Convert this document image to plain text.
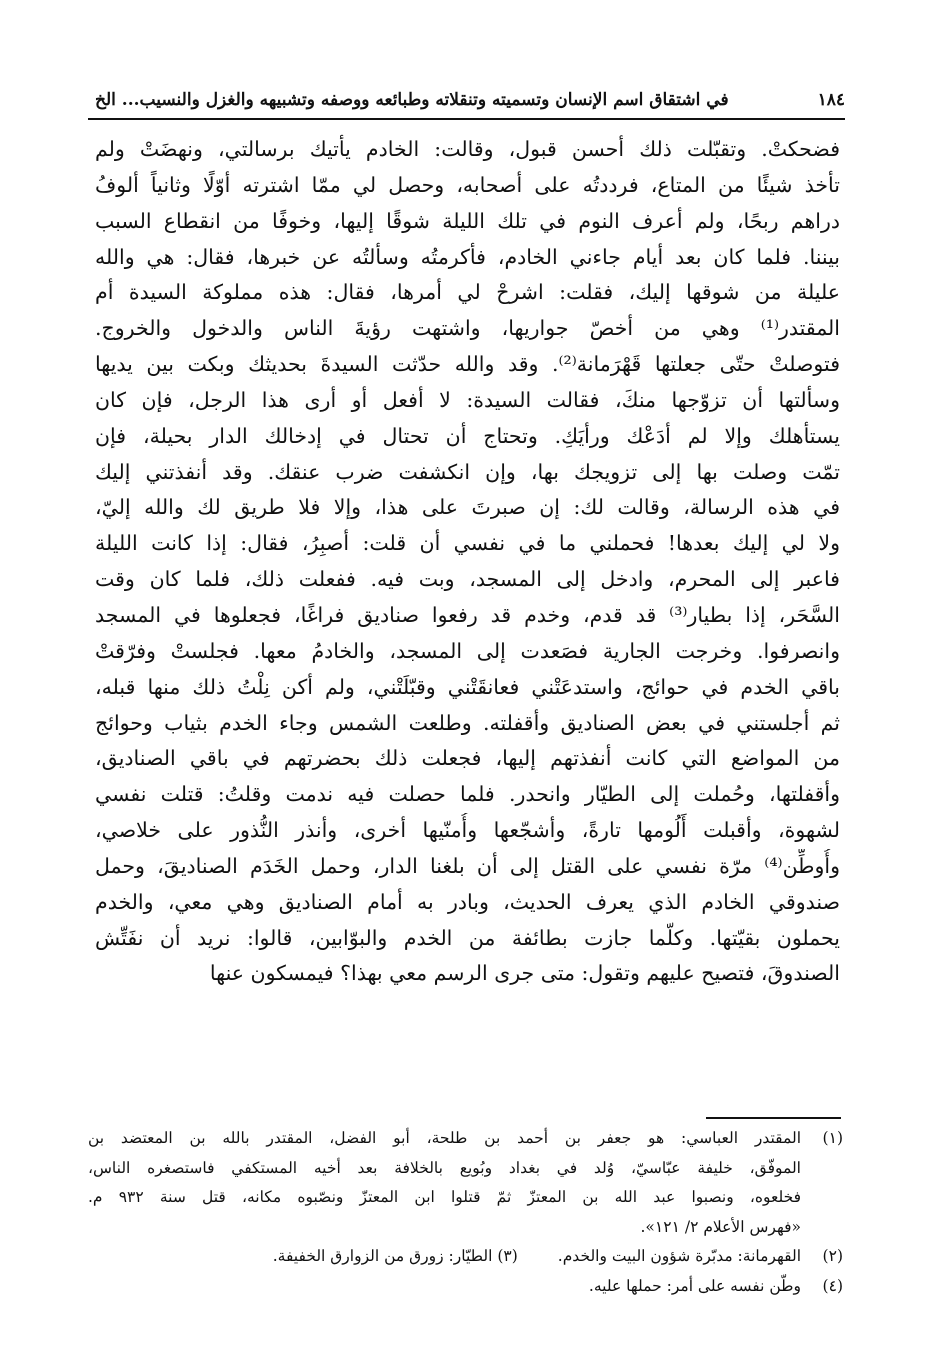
١٨٤
في اشتقاق اسم الإنسان وتسميته وتنقلاته وطبائعه ووصفه وتشبيهه والغزل والنسيب... الخ
فضحكتْ. وتقبّلت ذلك أحسن قبول، وقالت: الخادم يأتيك برسالتي، ونهضَتْ ولم
تأخذ شيئًا من المتاع، فرددتُه على أصحابه، وحصل لي ممّا اشترته أوّلًا وثانياً ألوفُ
دراهم ربحًا، ولم أعرف النوم في تلك الليلة شوقًا إليها، وخوفًا من انقطاع السبب
بيننا. فلما كان بعد أيام جاءني الخادم، فأكرمتُه وسألتُه عن خبرها، فقال: هي والله
عليلة من شوقها إليك، فقلت: اشرحْ لي أمرها، فقال: هذه مملوكة السيدة أم
المقتدر⁽¹⁾ وهي من أخصّ جواريها، واشتهت رؤيةَ الناس والدخول والخروج.
فتوصلتْ حتّى جعلتها قَهْرَمانة⁽²⁾. وقد والله حدّثت السيدةَ بحديثك وبكت بين يديها
وسألتها أن تزوّجها منكَ، فقالت السيدة: لا أفعل أو أرى هذا الرجل، فإن كان
يستأهلك وإلا لم أدَعْك ورأيَكِ. وتحتاج أن تحتال في إدخالك الدار بحيلة، فإن
تمّت وصلت بها إلى تزويجك بها، وإن انكشفت ضرب عنقك. وقد أنفذتني إليك
في هذه الرسالة، وقالت لك: إن صبرتَ على هذا، وإلا فلا طريق لك والله إليّ،
ولا لي إليك بعدها! فحملني ما في نفسي أن قلت: أصبِرُ، فقال: إذا كانت الليلة
فاعبر إلى المحرم، وادخل إلى المسجد، وبت فيه. ففعلت ذلك، فلما كان وقت
السَّحَر، إذا بطيار⁽³⁾ قد قدم، وخدم قد رفعوا صناديق فراغًا، فجعلوها في المسجد
وانصرفوا. وخرجت الجارية فصَعدت إلى المسجد، والخادمُ معها. فجلستْ وفرّقتْ
باقي الخدم في حوائج، واستدعَتْني فعانقَتْني وقبّلَتْني، ولم أكن نِلْتُ ذلك منها قبله،
ثم أجلستني في بعض الصناديق وأقفلته. وطلعت الشمس وجاء الخدم بثياب وحوائج
من المواضع التي كانت أنفذتهم إليها، فجعلت ذلك بحضرتهم في باقي الصناديق،
وأقفلتها، وحُملت إلى الطيّار وانحدر. فلما حصلت فيه ندمت وقلتُ: قتلت نفسي
لشهوة، وأقبلت أَلُومها تارةً، وأشجّعها وأُمنّيها أخرى، وأنذر النُّذور على خلاصي،
وأُوطِّن⁽⁴⁾ مرّة نفسي على القتل إلى أن بلغنا الدار، وحمل الخَدَم الصناديقَ، وحمل
صندوقي الخادم الذي يعرف الحديث، وبادر به أمام الصناديق وهي معي، والخدم
يحملون بقيّتها. وكلّما جازت بطائفة من الخدم والبوّابين، قالوا: نريد أن نفَتِّش
الصندوقَ، فتصيح عليهم وتقول: متى جرى الرسم معي بهذا؟ فيمسكون عنها
(١)
المقتدر العباسي: هو جعفر بن أحمد بن طلحة، أبو الفضل، المقتدر بالله بن المعتضد بن
الموفّق، خليفة عبّاسيّ، وُلد في بغداد وبُويع بالخلافة بعد أخيه المستكفي فاستصغره الناس،
فخلعوه، ونصبوا عبد الله بن المعتزّ ثمّ قتلوا ابن المعتزّ ونصّبوه مكانه، قتل سنة ٩٣٢ م.
«فهرس الأعلام ٢/ ١٢١».
(٢)
القهرمانة: مدبّرة شؤون البيت والخدم.(٣) الطيّار: زورق من الزوارق الخفيفة.
(٤)
وطّن نفسه على أمر: حملها عليه.
